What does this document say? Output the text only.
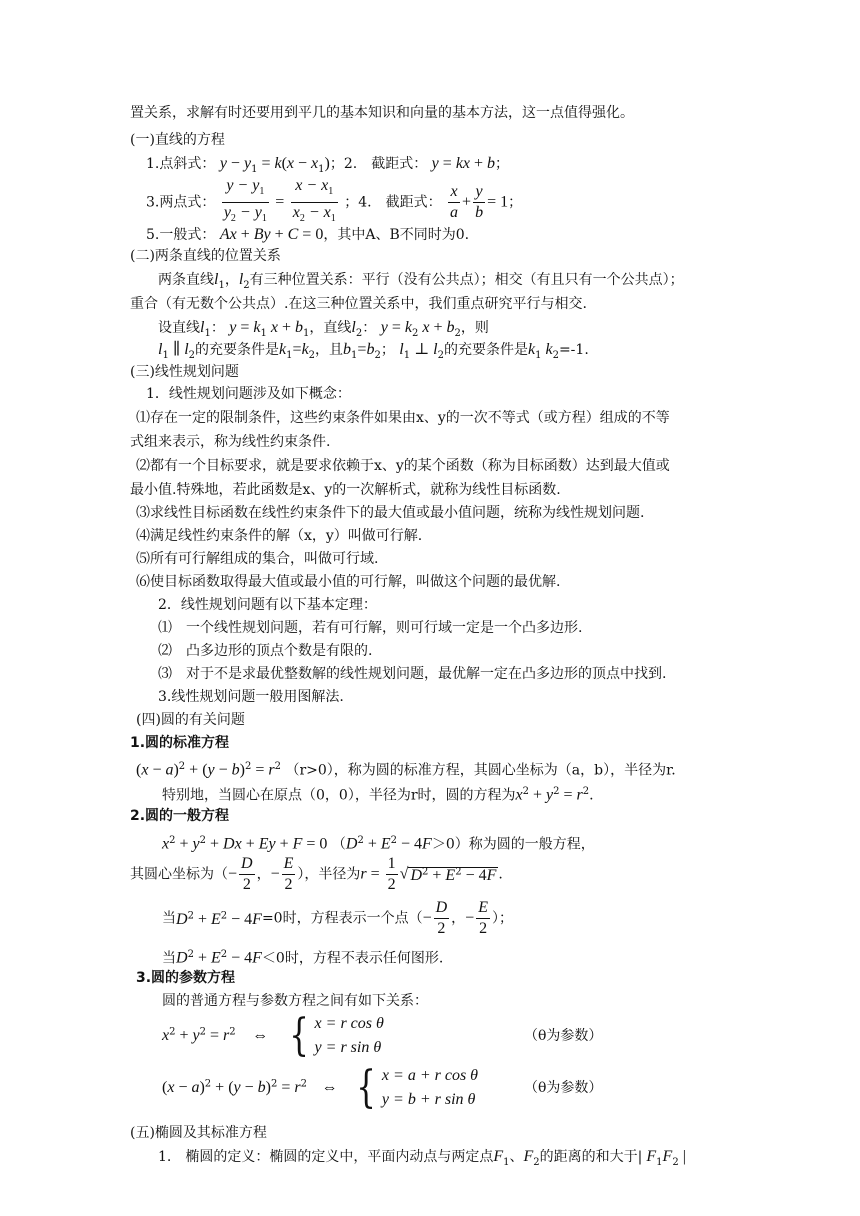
置关系，求解有时还要用到平几的基本知识和向量的基本方法，这一点值得强化。
(一)直线的方程
1.点斜式： $y - y_1 = k(x - x_1)$；2.　截距式： y = kx + b；
3.两点式： $\frac{y - y_1}{y_2 - y_1} = \frac{x - x_1}{x_2 - x_1}$ ；4.　截距式： $\frac{x}{a} + \frac{y}{b} = 1$；
5.一般式： Ax + By + C = 0，其中A、B不同时为0.
(二)两条直线的位置关系
两条直线$l_1$，$l_2$有三种位置关系：平行（没有公共点）；相交（有且只有一个公共点）；
重合（有无数个公共点）.在这三种位置关系中，我们重点研究平行与相交.
设直线$l_1$： $y = k_1$ $x + b_1$，直线$l_2$： $y = k_2$ $x + b_2$，则
$l_1$ ∥ $l_2$的充要条件是$k_1=k_2$，且$b_1=b_2$； $l_1$ ⊥ $l_2$的充要条件是$k_1$ $k_2=-1$.
(三)线性规划问题
1．线性规划问题涉及如下概念：
⑴存在一定的限制条件，这些约束条件如果由x、y的一次不等式（或方程）组成的不等
式组来表示，称为线性约束条件.
⑵都有一个目标要求，就是要求依赖于x、y的某个函数（称为目标函数）达到最大值或
最小值.特殊地，若此函数是x、y的一次解析式，就称为线性目标函数.
⑶求线性目标函数在线性约束条件下的最大值或最小值问题，统称为线性规划问题.
⑷满足线性约束条件的解（x，y）叫做可行解.
⑸所有可行解组成的集合，叫做可行域.
⑹使目标函数取得最大值或最小值的可行解，叫做这个问题的最优解.
2．线性规划问题有以下基本定理：
⑴　一个线性规划问题，若有可行解，则可行域一定是一个凸多边形.
⑵　凸多边形的顶点个数是有限的.
⑶　对于不是求最优整数解的线性规划问题，最优解一定在凸多边形的顶点中找到.
3.线性规划问题一般用图解法.
(四)圆的有关问题
1.圆的标准方程
$(x - a)^2 + (y - b)^2 = r^2$ （r>0），称为圆的标准方程，其圆心坐标为（a，b），半径为r.
特别地，当圆心在原点（0，0），半径为r时，圆的方程为$x^2 + y^2 = r^2$.
2.圆的一般方程
$x^2 + y^2 + Dx + Ey + F = 0$ $(D^2 + E^2 - 4F>0)$称为圆的一般方程，
其圆心坐标为（− $\frac{D}{2}$ ，− $\frac{E}{2}$ ），半径为$r = \frac{1}{2}$ √ $D^2 + E^2 - 4F$ .
当$D^2 + E^2 - 4F=0$时，方程表示一个点（− $\frac{D}{2}$ ，− $\frac{E}{2}$ ）；
当$D^2 + E^2 - 4F<0$时，方程不表示任何图形.
3.圆的参数方程
圆的普通方程与参数方程之间有如下关系：
$x^2 + y^2 = r^2$ ⇔ { x = r cos θ
y = r sin θ
（θ为参数）
$(x - a)^2 + (y - b)^2 = r^2$ ⇔ { x = a + r cos θ
y = b + r sin θ
（θ为参数）
(五)椭圆及其标准方程
1.　椭圆的定义：椭圆的定义中，平面内动点与两定点$F_1$、$F_2$的距离的和大于| $F_1F_2$ |
